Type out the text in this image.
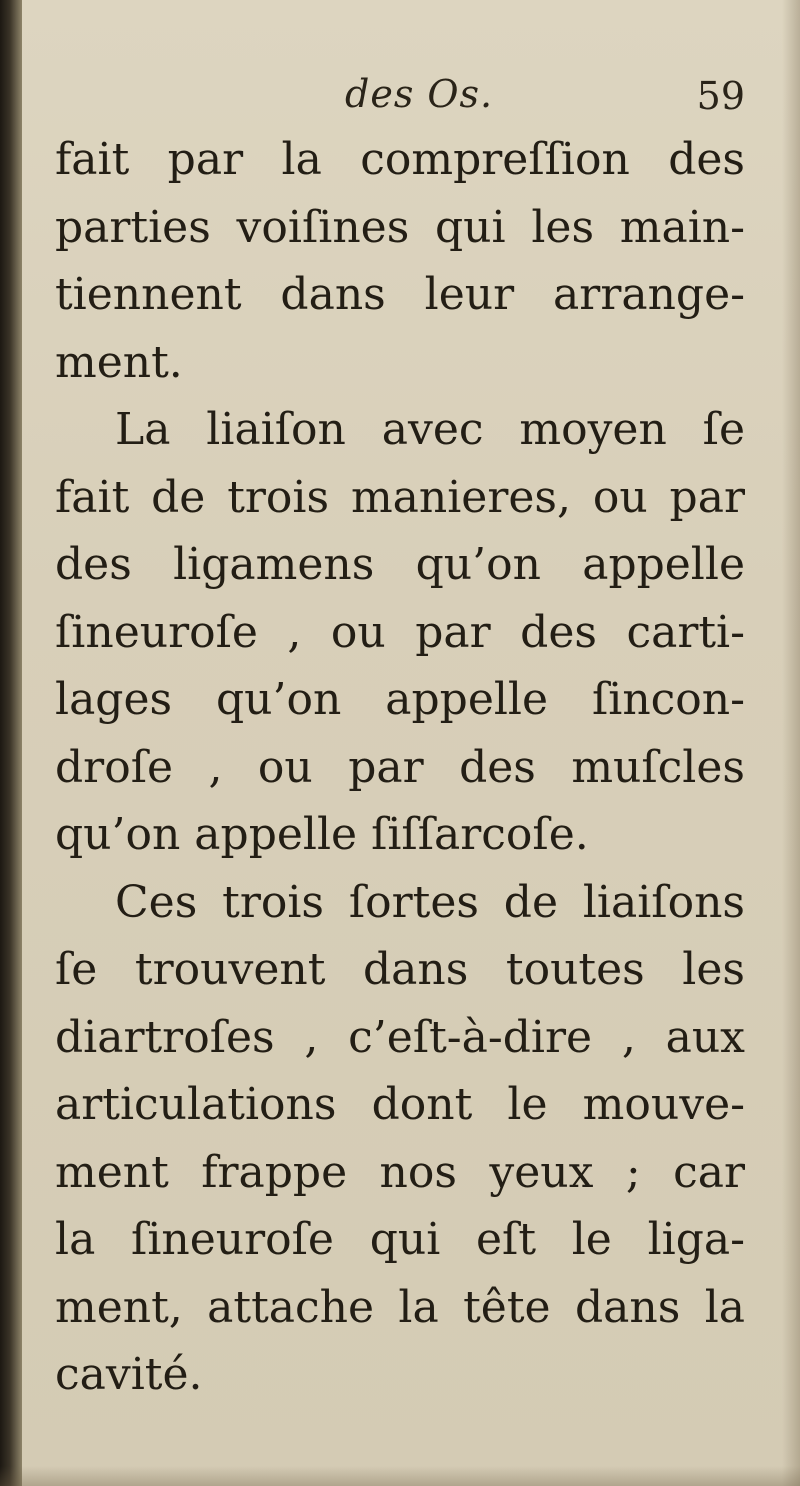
des Os.	59
fait par la compreſſion des
parties voiſines qui les main-
tiennent dans leur arrange-
ment.
La liaiſon avec moyen ſe
fait de trois manieres, ou par
des ligamens qu’on appelle
ſineuroſe , ou par des carti-
lages qu’on appelle ſincon-
droſe , ou par des muſcles
qu’on appelle ſiſſarcoſe.
Ces trois ſortes de liaiſons
ſe trouvent dans toutes les
diartroſes , c’eſt-à-dire , aux
articulations dont le mouve-
ment frappe nos yeux ; car
la ſineuroſe qui eſt le liga-
ment, attache la tête dans la
cavité.
